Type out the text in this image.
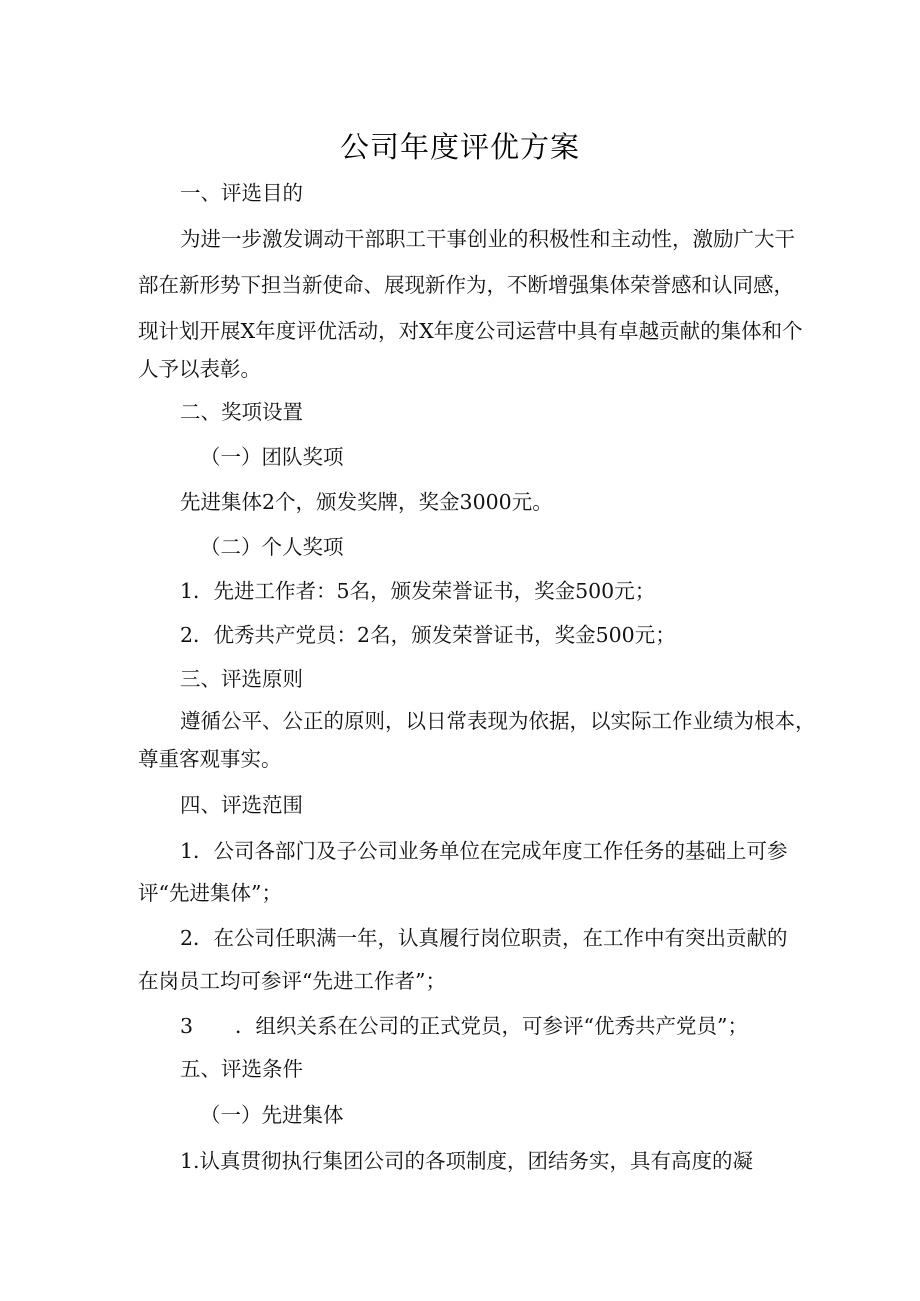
公司年度评优方案
一、评选目的
为进一步激发调动干部职工干事创业的积极性和主动性，激励广大干
部在新形势下担当新使命、展现新作为，不断增强集体荣誉感和认同感，
现计划开展X年度评优活动，对X年度公司运营中具有卓越贡献的集体和个
人予以表彰。
二、奖项设置
（一）团队奖项
先进集体2个，颁发奖牌，奖金3000元。
（二）个人奖项
1．先进工作者：5名，颁发荣誉证书，奖金500元；
2．优秀共产党员：2名，颁发荣誉证书，奖金500元；
三、评选原则
遵循公平、公正的原则，以日常表现为依据，以实际工作业绩为根本，
尊重客观事实。
四、评选范围
1．公司各部门及子公司业务单位在完成年度工作任务的基础上可参
评“先进集体”；
2．在公司任职满一年，认真履行岗位职责，在工作中有突出贡献的
在岗员工均可参评“先进工作者”；
3 ．组织关系在公司的正式党员，可参评“优秀共产党员”；
五、评选条件
（一）先进集体
1.认真贯彻执行集团公司的各项制度，团结务实，具有高度的凝
